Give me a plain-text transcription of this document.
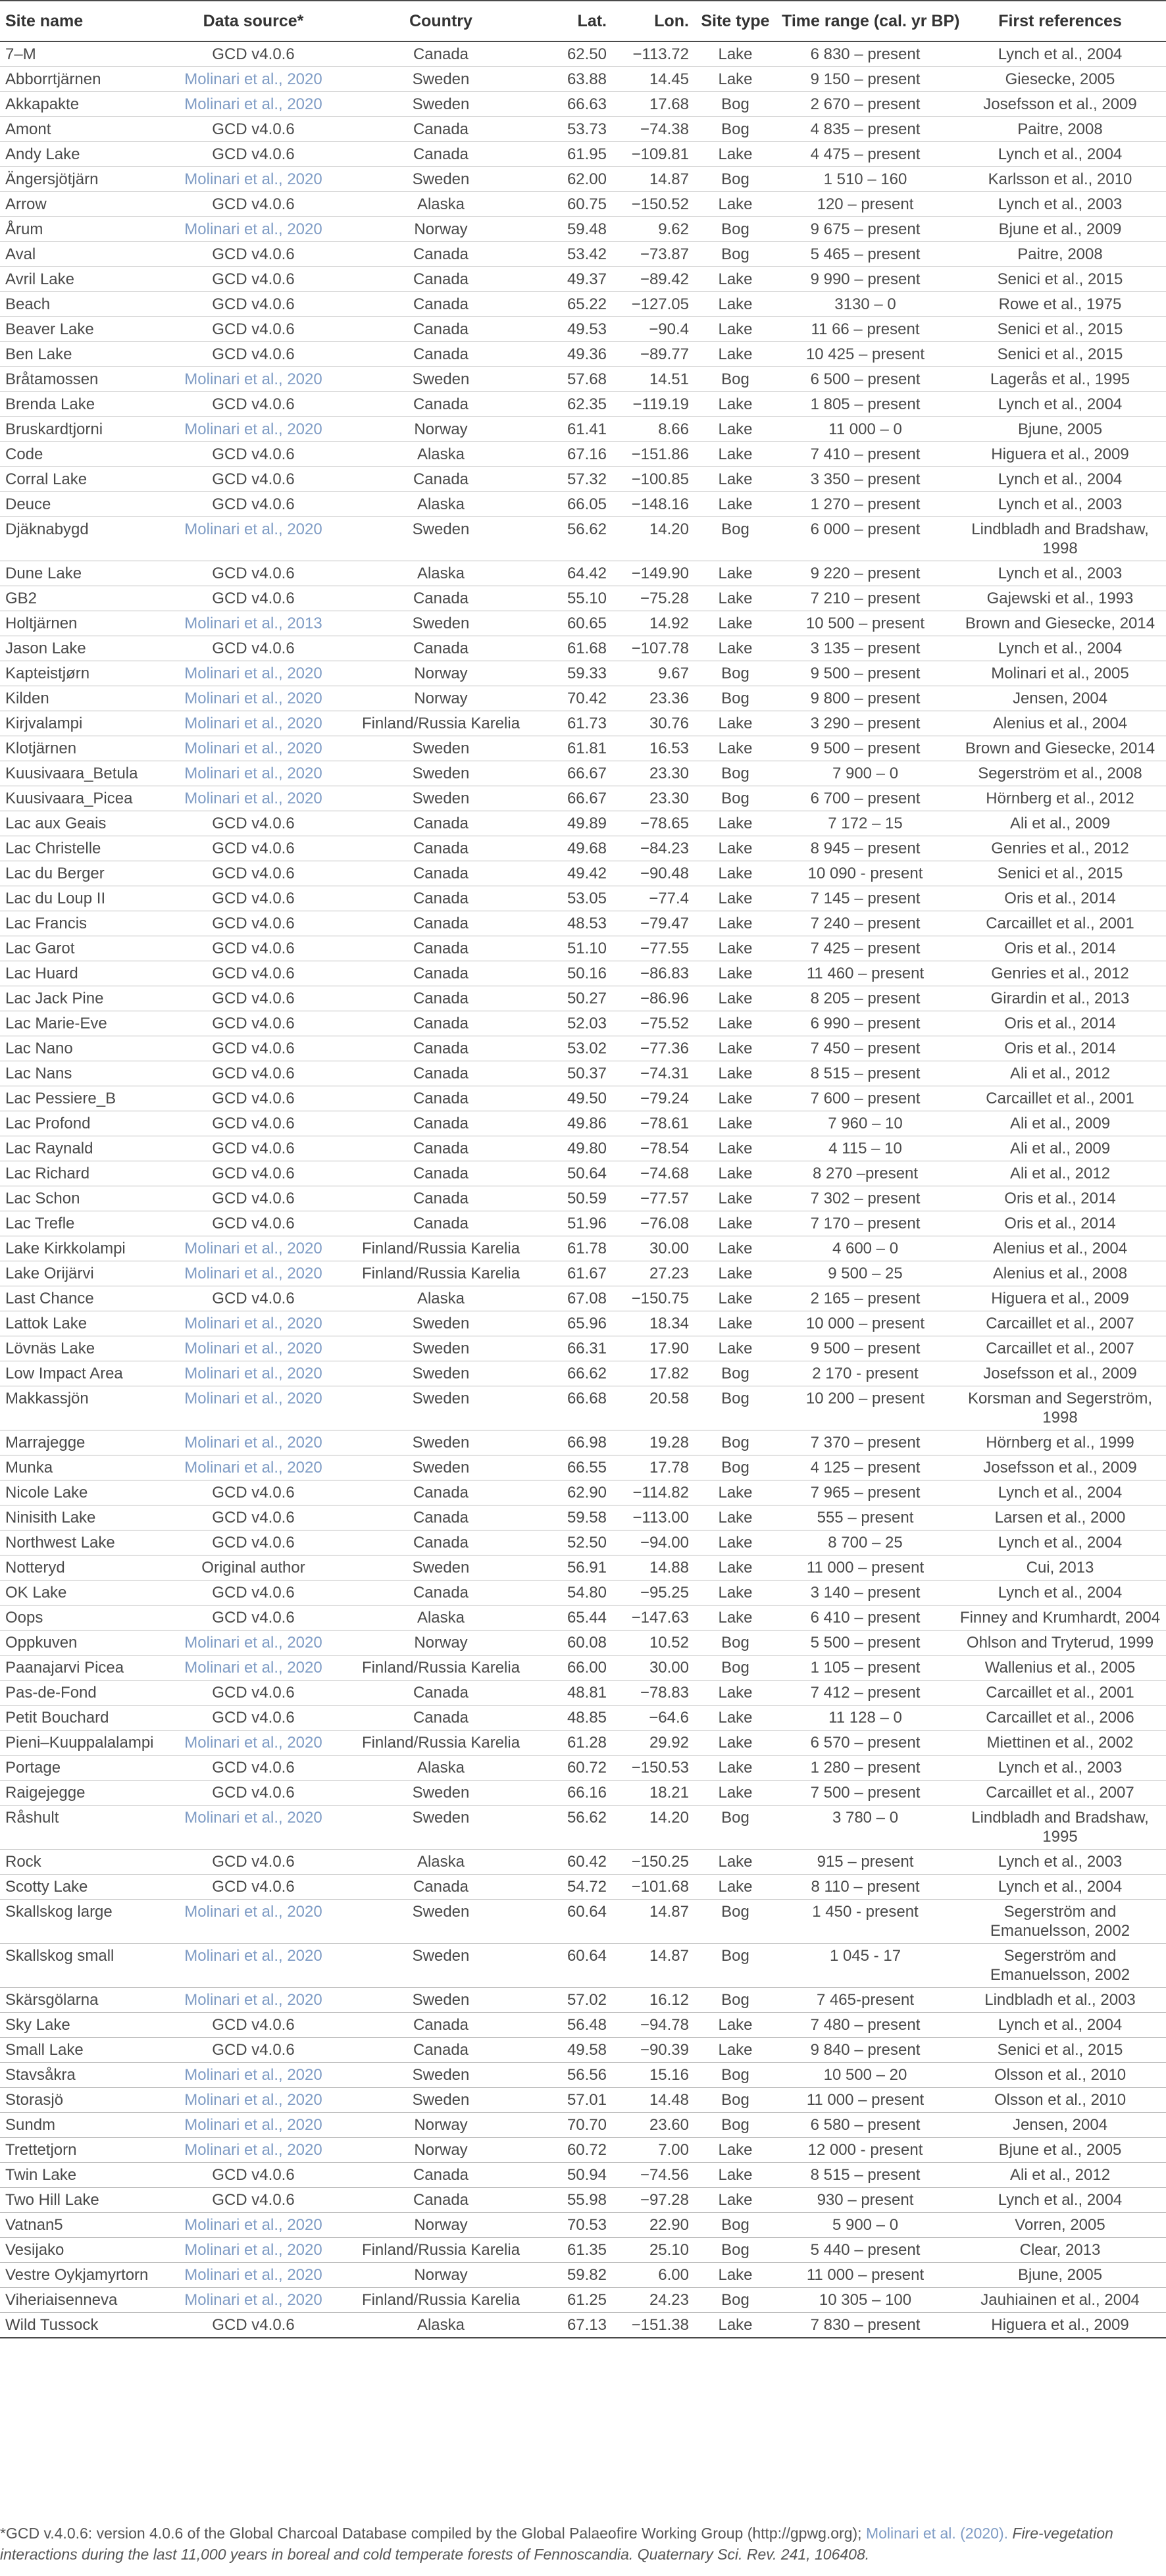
Site name	Data source*	Country	Lat.	Lon.	Site type	Time range (cal. yr BP)	First references
7–M	GCD v4.0.6	Canada	62.50	−113.72	Lake	6 830 – present	Lynch et al., 2004
Abborrtjärnen	Molinari et al., 2020	Sweden	63.88	14.45	Lake	9 150 – present	Giesecke, 2005
Akkapakte	Molinari et al., 2020	Sweden	66.63	17.68	Bog	2 670 – present	Josefsson et al., 2009
Amont	GCD v4.0.6	Canada	53.73	−74.38	Bog	4 835 – present	Paitre, 2008
Andy Lake	GCD v4.0.6	Canada	61.95	−109.81	Lake	4 475 – present	Lynch et al., 2004
Ängersjötjärn	Molinari et al., 2020	Sweden	62.00	14.87	Bog	1 510 – 160	Karlsson et al., 2010
Arrow	GCD v4.0.6	Alaska	60.75	−150.52	Lake	120 – present	Lynch et al., 2003
Årum	Molinari et al., 2020	Norway	59.48	9.62	Bog	9 675 – present	Bjune et al., 2009
Aval	GCD v4.0.6	Canada	53.42	−73.87	Bog	5 465 – present	Paitre, 2008
Avril Lake	GCD v4.0.6	Canada	49.37	−89.42	Lake	9 990 – present	Senici et al., 2015
Beach	GCD v4.0.6	Canada	65.22	−127.05	Lake	3130 – 0	Rowe et al., 1975
Beaver Lake	GCD v4.0.6	Canada	49.53	−90.4	Lake	11 66 – present	Senici et al., 2015
Ben Lake	GCD v4.0.6	Canada	49.36	−89.77	Lake	10 425 – present	Senici et al., 2015
Bråtamossen	Molinari et al., 2020	Sweden	57.68	14.51	Bog	6 500 – present	Lagerås et al., 1995
Brenda Lake	GCD v4.0.6	Canada	62.35	−119.19	Lake	1 805 – present	Lynch et al., 2004
Bruskardtjorni	Molinari et al., 2020	Norway	61.41	8.66	Lake	11 000 – 0	Bjune, 2005
Code	GCD v4.0.6	Alaska	67.16	−151.86	Lake	7 410 – present	Higuera et al., 2009
Corral Lake	GCD v4.0.6	Canada	57.32	−100.85	Lake	3 350 – present	Lynch et al., 2004
Deuce	GCD v4.0.6	Alaska	66.05	−148.16	Lake	1 270 – present	Lynch et al., 2003
Djäknabygd	Molinari et al., 2020	Sweden	56.62	14.20	Bog	6 000 – present	Lindbladh and Bradshaw, 1998
Dune Lake	GCD v4.0.6	Alaska	64.42	−149.90	Lake	9 220 – present	Lynch et al., 2003
GB2	GCD v4.0.6	Canada	55.10	−75.28	Lake	7 210 – present	Gajewski et al., 1993
Holtjärnen	Molinari et al., 2013	Sweden	60.65	14.92	Lake	10 500 – present	Brown and Giesecke, 2014
Jason Lake	GCD v4.0.6	Canada	61.68	−107.78	Lake	3 135 – present	Lynch et al., 2004
Kapteistjørn	Molinari et al., 2020	Norway	59.33	9.67	Bog	9 500 – present	Molinari et al., 2005
Kilden	Molinari et al., 2020	Norway	70.42	23.36	Bog	9 800 – present	Jensen, 2004
Kirjvalampi	Molinari et al., 2020	Finland/Russia Karelia	61.73	30.76	Lake	3 290 – present	Alenius et al., 2004
Klotjärnen	Molinari et al., 2020	Sweden	61.81	16.53	Lake	9 500 – present	Brown and Giesecke, 2014
Kuusivaara_Betula	Molinari et al., 2020	Sweden	66.67	23.30	Bog	7 900 – 0	Segerström et al., 2008
Kuusivaara_Picea	Molinari et al., 2020	Sweden	66.67	23.30	Bog	6 700 – present	Hörnberg et al., 2012
Lac aux Geais	GCD v4.0.6	Canada	49.89	−78.65	Lake	7 172 – 15	Ali et al., 2009
Lac Christelle	GCD v4.0.6	Canada	49.68	−84.23	Lake	8 945 – present	Genries et al., 2012
Lac du Berger	GCD v4.0.6	Canada	49.42	−90.48	Lake	10 090 - present	Senici et al., 2015
Lac du Loup II	GCD v4.0.6	Canada	53.05	−77.4	Lake	7 145 – present	Oris et al., 2014
Lac Francis	GCD v4.0.6	Canada	48.53	−79.47	Lake	7 240 – present	Carcaillet et al., 2001
Lac Garot	GCD v4.0.6	Canada	51.10	−77.55	Lake	7 425 – present	Oris et al., 2014
Lac Huard	GCD v4.0.6	Canada	50.16	−86.83	Lake	11 460 – present	Genries et al., 2012
Lac Jack Pine	GCD v4.0.6	Canada	50.27	−86.96	Lake	8 205 – present	Girardin et al., 2013
Lac Marie-Eve	GCD v4.0.6	Canada	52.03	−75.52	Lake	6 990 – present	Oris et al., 2014
Lac Nano	GCD v4.0.6	Canada	53.02	−77.36	Lake	7 450 – present	Oris et al., 2014
Lac Nans	GCD v4.0.6	Canada	50.37	−74.31	Lake	8 515 – present	Ali et al., 2012
Lac Pessiere_B	GCD v4.0.6	Canada	49.50	−79.24	Lake	7 600 – present	Carcaillet et al., 2001
Lac Profond	GCD v4.0.6	Canada	49.86	−78.61	Lake	7 960 – 10	Ali et al., 2009
Lac Raynald	GCD v4.0.6	Canada	49.80	−78.54	Lake	4 115 – 10	Ali et al., 2009
Lac Richard	GCD v4.0.6	Canada	50.64	−74.68	Lake	8 270 –present	Ali et al., 2012
Lac Schon	GCD v4.0.6	Canada	50.59	−77.57	Lake	7 302 – present	Oris et al., 2014
Lac Trefle	GCD v4.0.6	Canada	51.96	−76.08	Lake	7 170 – present	Oris et al., 2014
Lake Kirkkolampi	Molinari et al., 2020	Finland/Russia Karelia	61.78	30.00	Lake	4 600 – 0	Alenius et al., 2004
Lake Orijärvi	Molinari et al., 2020	Finland/Russia Karelia	61.67	27.23	Lake	9 500 – 25	Alenius et al., 2008
Last Chance	GCD v4.0.6	Alaska	67.08	−150.75	Lake	2 165 – present	Higuera et al., 2009
Lattok Lake	Molinari et al., 2020	Sweden	65.96	18.34	Lake	10 000 – present	Carcaillet et al., 2007
Lövnäs Lake	Molinari et al., 2020	Sweden	66.31	17.90	Lake	9 500 – present	Carcaillet et al., 2007
Low Impact Area	Molinari et al., 2020	Sweden	66.62	17.82	Bog	2 170 - present	Josefsson et al., 2009
Makkassjön	Molinari et al., 2020	Sweden	66.68	20.58	Bog	10 200 – present	Korsman and Segerström, 1998
Marrajegge	Molinari et al., 2020	Sweden	66.98	19.28	Bog	7 370 – present	Hörnberg et al., 1999
Munka	Molinari et al., 2020	Sweden	66.55	17.78	Bog	4 125 – present	Josefsson et al., 2009
Nicole Lake	GCD v4.0.6	Canada	62.90	−114.82	Lake	7 965 – present	Lynch et al., 2004
Ninisith Lake	GCD v4.0.6	Canada	59.58	−113.00	Lake	555 – present	Larsen et al., 2000
Northwest Lake	GCD v4.0.6	Canada	52.50	−94.00	Lake	8 700 – 25	Lynch et al., 2004
Notteryd	Original author	Sweden	56.91	14.88	Lake	11 000 – present	Cui, 2013
OK Lake	GCD v4.0.6	Canada	54.80	−95.25	Lake	3 140 – present	Lynch et al., 2004
Oops	GCD v4.0.6	Alaska	65.44	−147.63	Lake	6 410 – present	Finney and Krumhardt, 2004
Oppkuven	Molinari et al., 2020	Norway	60.08	10.52	Bog	5 500 – present	Ohlson and Tryterud, 1999
Paanajarvi Picea	Molinari et al., 2020	Finland/Russia Karelia	66.00	30.00	Bog	1 105 – present	Wallenius et al., 2005
Pas-de-Fond	GCD v4.0.6	Canada	48.81	−78.83	Lake	7 412 – present	Carcaillet et al., 2001
Petit Bouchard	GCD v4.0.6	Canada	48.85	−64.6	Lake	11 128 – 0	Carcaillet et al., 2006
Pieni–Kuuppalalampi	Molinari et al., 2020	Finland/Russia Karelia	61.28	29.92	Lake	6 570 – present	Miettinen et al., 2002
Portage	GCD v4.0.6	Alaska	60.72	−150.53	Lake	1 280 – present	Lynch et al., 2003
Raigejegge	GCD v4.0.6	Sweden	66.16	18.21	Lake	7 500 – present	Carcaillet et al., 2007
Råshult	Molinari et al., 2020	Sweden	56.62	14.20	Bog	3 780 – 0	Lindbladh and Bradshaw, 1995
Rock	GCD v4.0.6	Alaska	60.42	−150.25	Lake	915 – present	Lynch et al., 2003
Scotty Lake	GCD v4.0.6	Canada	54.72	−101.68	Lake	8 110 – present	Lynch et al., 2004
Skallskog large	Molinari et al., 2020	Sweden	60.64	14.87	Bog	1 450 - present	Segerström and Emanuelsson, 2002
Skallskog small	Molinari et al., 2020	Sweden	60.64	14.87	Bog	1 045 - 17	Segerström and Emanuelsson, 2002
Skärsgölarna	Molinari et al., 2020	Sweden	57.02	16.12	Bog	7 465-present	Lindbladh et al., 2003
Sky Lake	GCD v4.0.6	Canada	56.48	−94.78	Lake	7 480 – present	Lynch et al., 2004
Small Lake	GCD v4.0.6	Canada	49.58	−90.39	Lake	9 840 – present	Senici et al., 2015
Stavsåkra	Molinari et al., 2020	Sweden	56.56	15.16	Bog	10 500 – 20	Olsson et al., 2010
Storasjö	Molinari et al., 2020	Sweden	57.01	14.48	Bog	11 000 – present	Olsson et al., 2010
Sundm	Molinari et al., 2020	Norway	70.70	23.60	Bog	6 580 – present	Jensen, 2004
Trettetjorn	Molinari et al., 2020	Norway	60.72	7.00	Lake	12 000 - present	Bjune et al., 2005
Twin Lake	GCD v4.0.6	Canada	50.94	−74.56	Lake	8 515 – present	Ali et al., 2012
Two Hill Lake	GCD v4.0.6	Canada	55.98	−97.28	Lake	930 – present	Lynch et al., 2004
Vatnan5	Molinari et al., 2020	Norway	70.53	22.90	Bog	5 900 – 0	Vorren, 2005
Vesijako	Molinari et al., 2020	Finland/Russia Karelia	61.35	25.10	Bog	5 440 – present	Clear, 2013
Vestre Oykjamyrtorn	Molinari et al., 2020	Norway	59.82	6.00	Lake	11 000 – present	Bjune, 2005
Viheriaisenneva	Molinari et al., 2020	Finland/Russia Karelia	61.25	24.23	Bog	10 305 – 100	Jauhiainen et al., 2004
Wild Tussock	GCD v4.0.6	Alaska	67.13	−151.38	Lake	7 830 – present	Higuera et al., 2009
*GCD v.4.0.6: version 4.0.6 of the Global Charcoal Database compiled by the Global Palaeofire Working Group (http://gpwg.org); Molinari et al. (2020). Fire-vegetation interactions during the last 11,000 years in boreal and cold temperate forests of Fennoscandia. Quaternary Sci. Rev. 241, 106408.
